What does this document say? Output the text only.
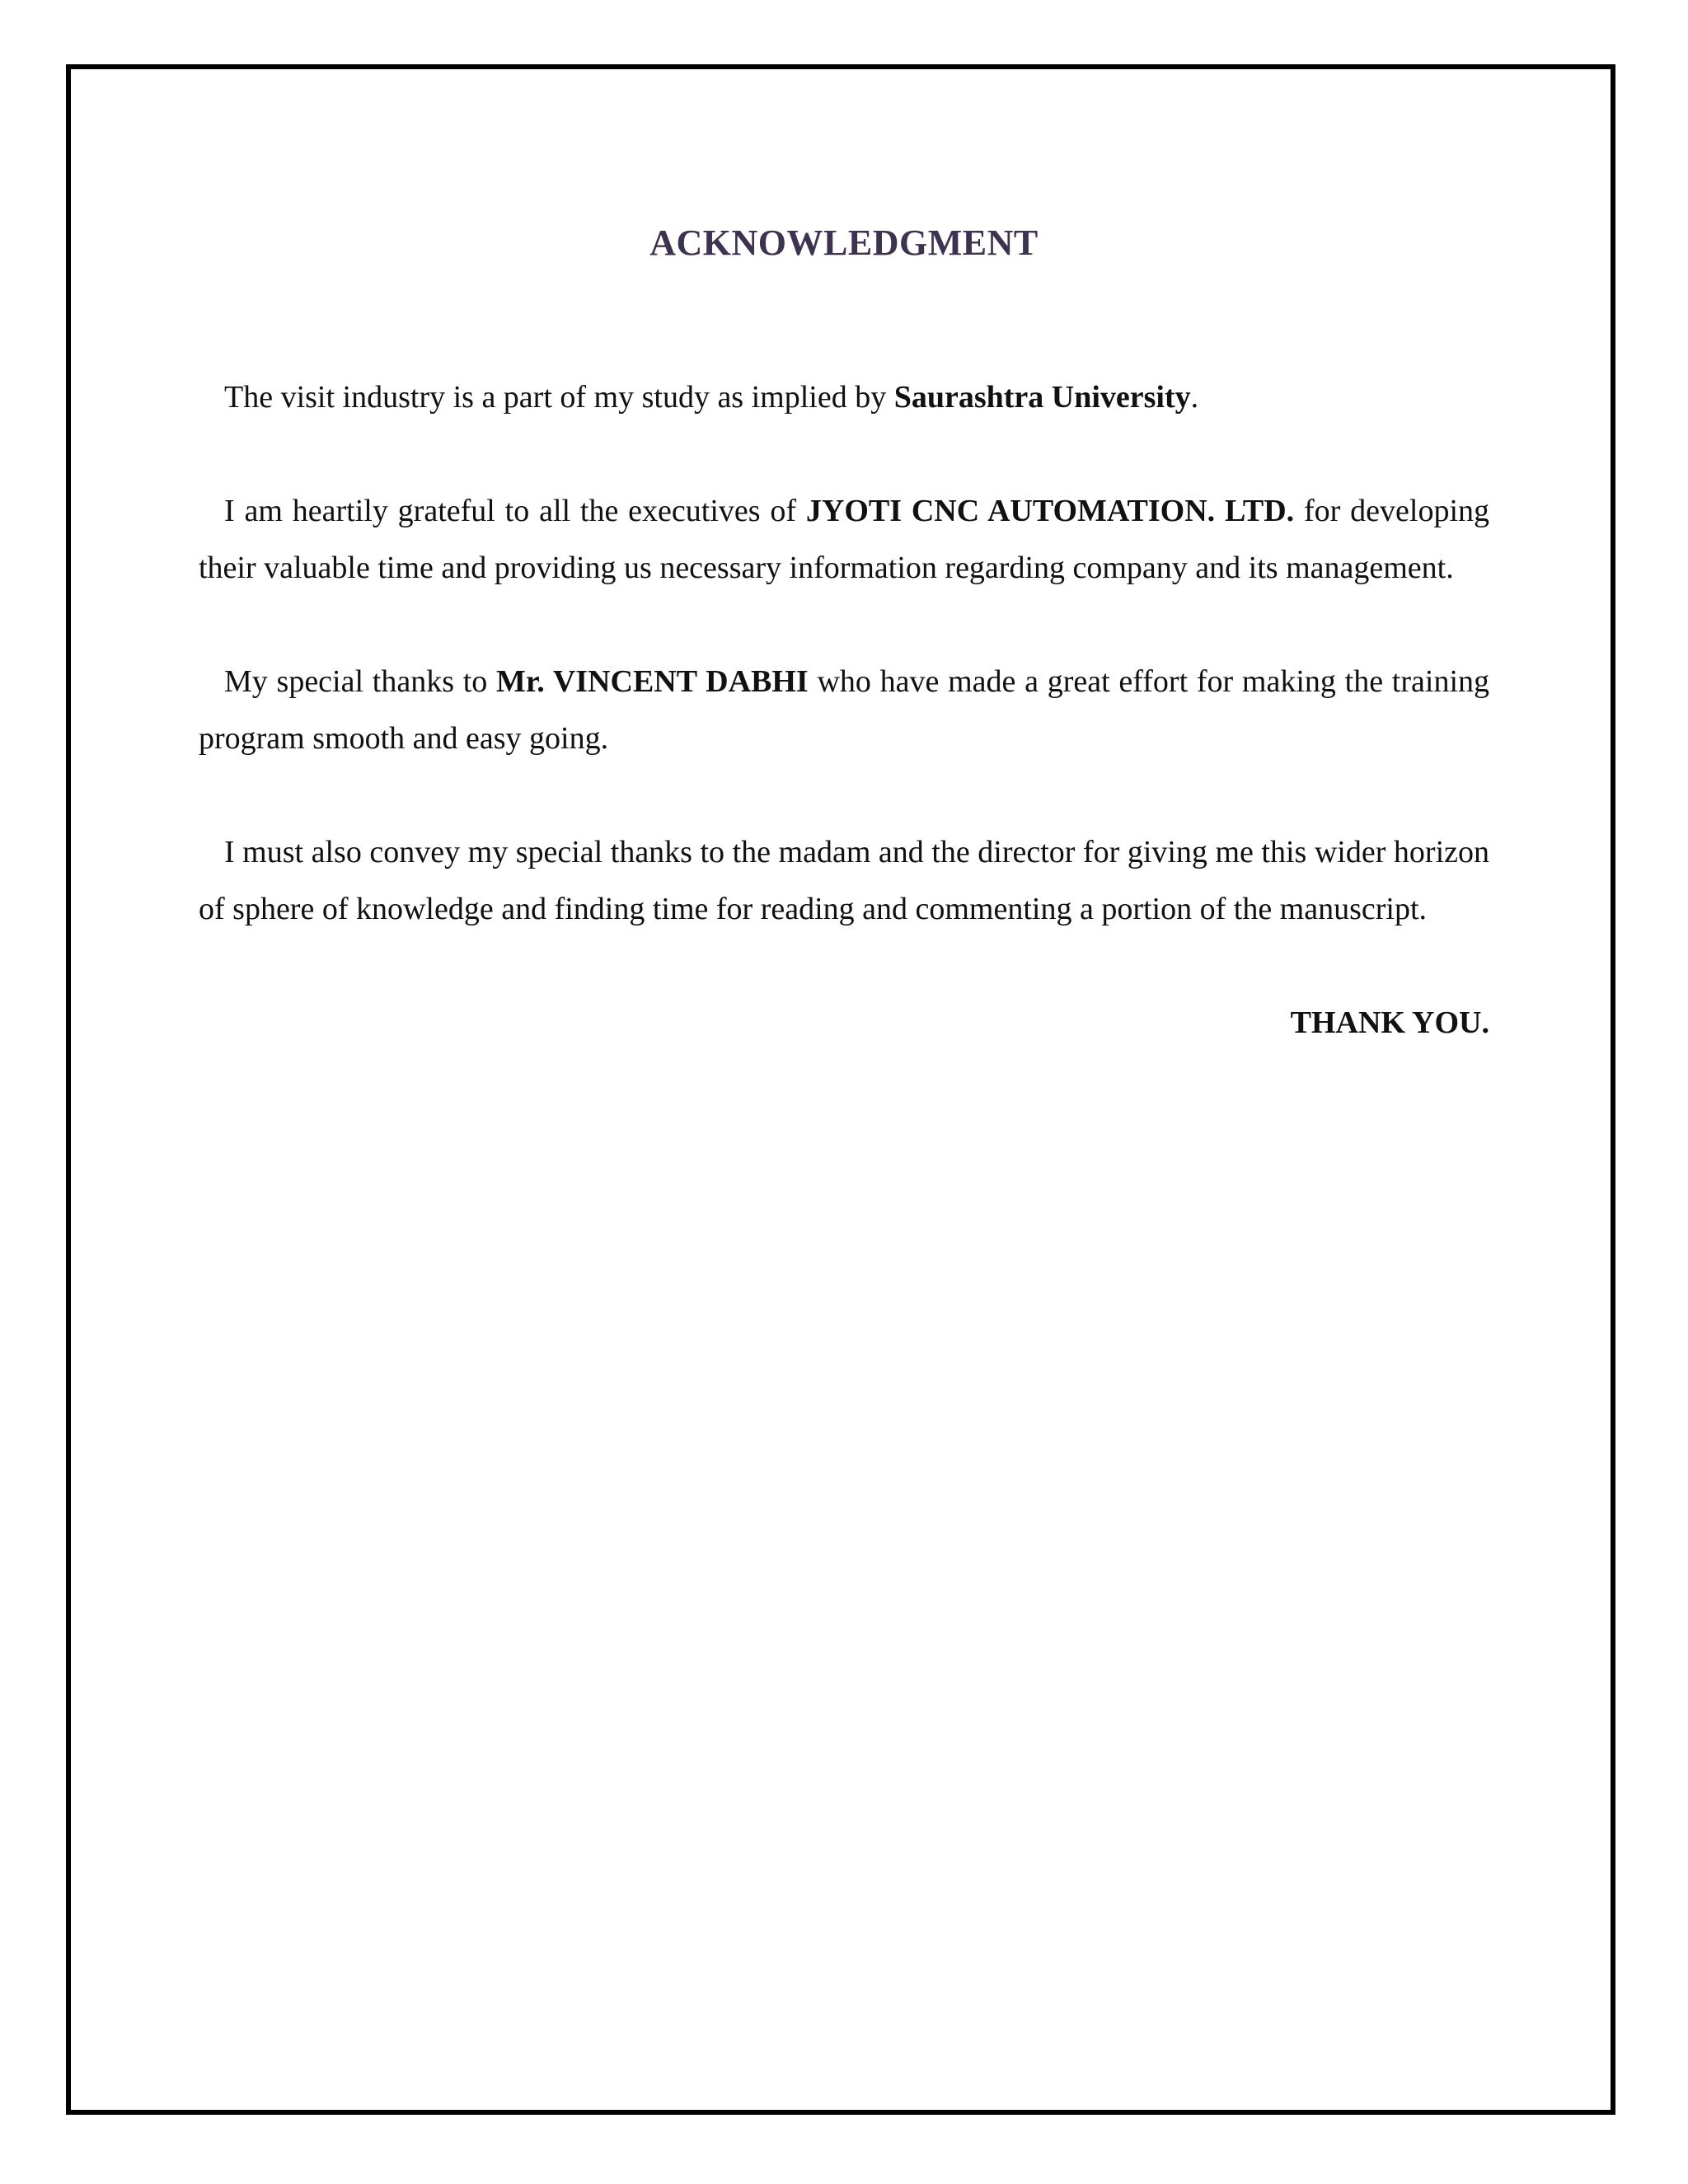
ACKNOWLEDGMENT

The visit industry is a part of my study as implied by Saurashtra University.

I am heartily grateful to all the executives of JYOTI CNC AUTOMATION. LTD. for developing their valuable time and providing us necessary information regarding company and its management.

My special thanks to Mr. VINCENT DABHI who have made a great effort for making the training program smooth and easy going.

I must also convey my special thanks to the madam and the director for giving me this wider horizon of sphere of knowledge and finding time for reading and commenting a portion of the manuscript.

THANK YOU.
